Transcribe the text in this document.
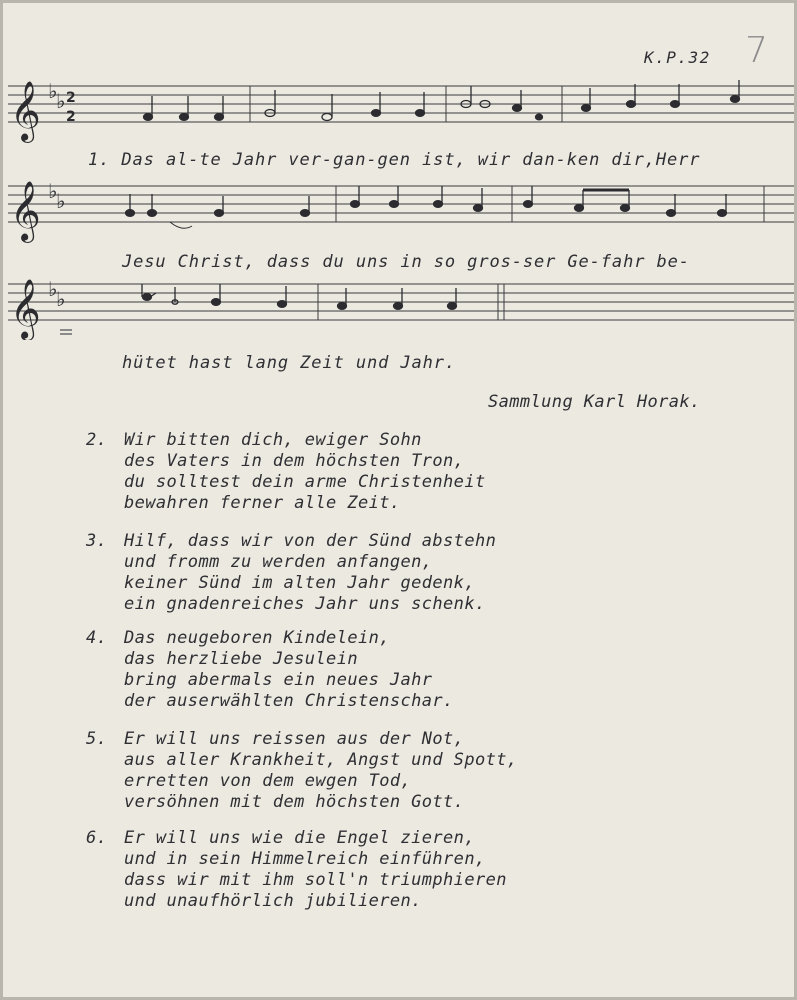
K.P.32 7
𝄞
𝄞
𝄞
♭
♭
♭
♭
♭
♭
2
2
1. Das al-te Jahr ver-gan-gen ist, wir dan-ken dir,Herr
Jesu Christ, dass du uns in so gros-ser Ge-fahr be-
hütet hast lang Zeit und Jahr.
Sammlung Karl Horak.
2. Wir bitten dich, ewiger Sohn
des Vaters in dem höchsten Tron,
du solltest dein arme Christenheit
bewahren ferner alle Zeit.
3. Hilf, dass wir von der Sünd abstehn
und fromm zu werden anfangen,
keiner Sünd im alten Jahr gedenk,
ein gnadenreiches Jahr uns schenk.
4. Das neugeboren Kindelein,
das herzliebe Jesulein
bring abermals ein neues Jahr
der auserwählten Christenschar.
5. Er will uns reissen aus der Not,
aus aller Krankheit, Angst und Spott,
erretten von dem ewgen Tod,
versöhnen mit dem höchsten Gott.
6. Er will uns wie die Engel zieren,
und in sein Himmelreich einführen,
dass wir mit ihm soll'n triumphieren
und unaufhörlich jubilieren.
